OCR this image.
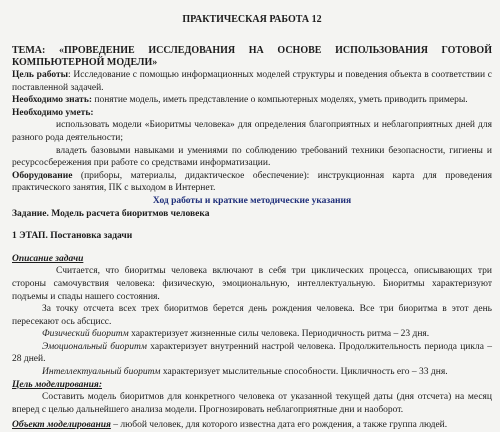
ПРАКТИЧЕСКАЯ РАБОТА 12

ТЕМА: «ПРОВЕДЕНИЕ ИССЛЕДОВАНИЯ НА ОСНОВЕ ИСПОЛЬЗОВАНИЯ ГОТОВОЙ КОМПЬЮТЕРНОЙ МОДЕЛИ»

Цель работы: Исследование с помощью информационных моделей структуры и поведения объекта в соответствии с поставленной задачей.

Необходимо знать: понятие модель, иметь представление о компьютерных моделях, уметь приводить примеры.

Необходимо уметь:

использовать модели «Биоритмы человека» для определения благоприятных и неблагоприятных дней для разного рода деятельности;

владеть базовыми навыками и умениями по соблюдению требований техники безопасности, гигиены и ресурсосбережения при работе со средствами информатизации.

Оборудование (приборы, материалы, дидактическое обеспечение): инструкционная карта для проведения практического занятия, ПК с выходом в Интернет.

Ход работы и краткие методические указания

Задание. Модель расчета биоритмов человека

1 ЭТАП. Постановка задачи

Описание задачи

Считается, что биоритмы человека включают в себя три циклических процесса, описывающих три стороны самочувствия человека: физическую, эмоциональную, интеллектуальную. Биоритмы характеризуют подъемы и спады нашего состояния.

За точку отсчета всех трех биоритмов берется день рождения человека. Все три биоритма в этот день пересекают ось абсцисс.

Физический биоритм характеризует жизненные силы человека. Периодичность ритма – 23 дня.

Эмоциональный биоритм характеризует внутренний настрой человека. Продолжительность периода цикла – 28 дней.

Интеллектуальный биоритм характеризует мыслительные способности. Цикличность его – 33 дня.

Цель моделирования:

Составить модель биоритмов для конкретного человека от указанной текущей даты (дня отсчета) на месяц вперед с целью дальнейшего анализа модели. Прогнозировать неблагоприятные дни и наоборот.

Объект моделирования – любой человек, для которого известна дата его рождения, а также группа людей.
